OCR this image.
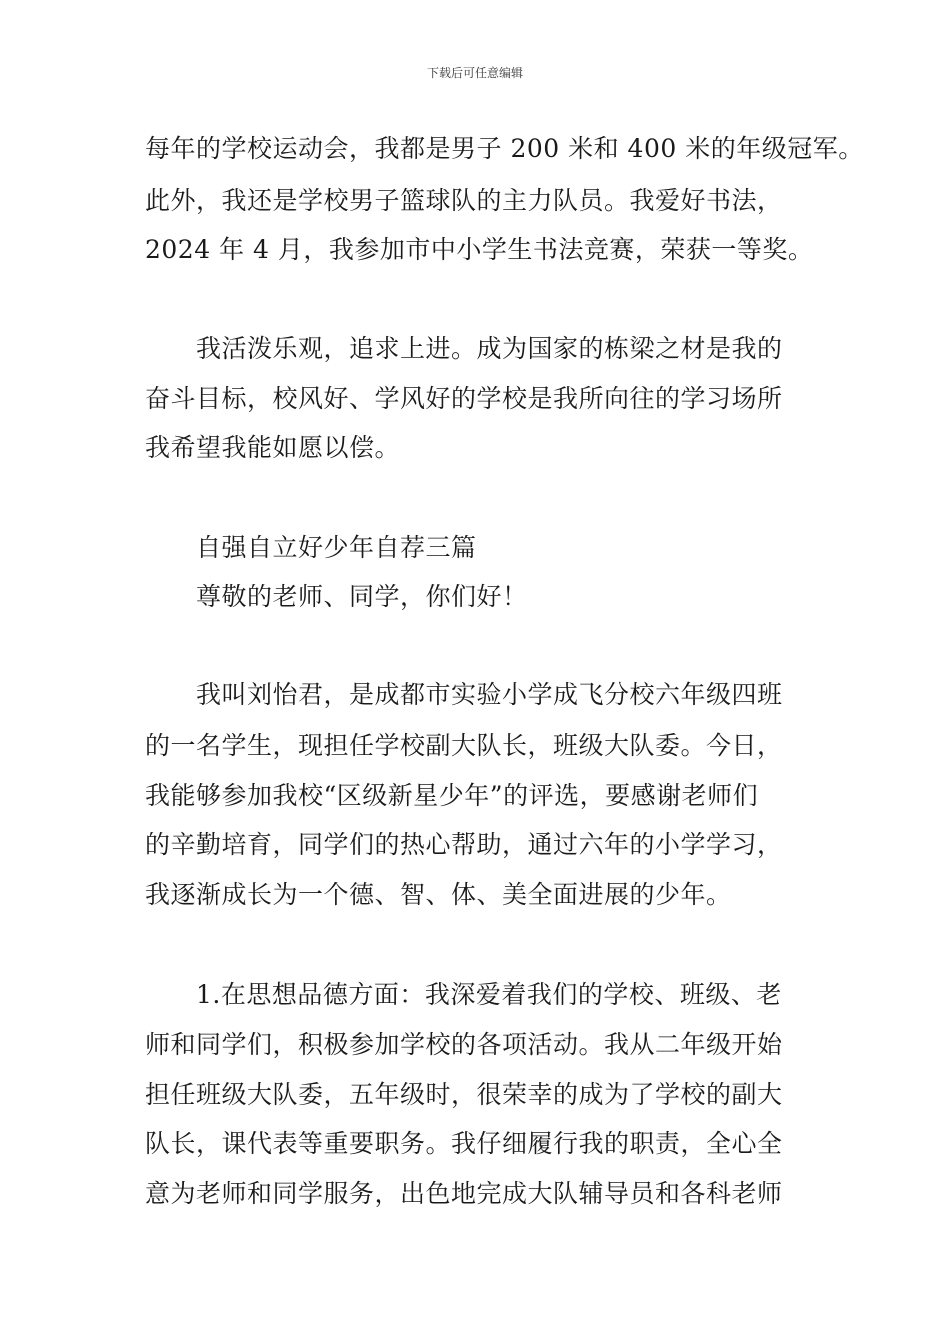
下载后可任意编辑
每年的学校运动会，我都是男子 200 米和 400 米的年级冠军。
此外，我还是学校男子篮球队的主力队员。我爱好书法，
2024 年 4 月，我参加市中小学生书法竞赛，荣获一等奖。
我活泼乐观，追求上进。成为国家的栋梁之材是我的
奋斗目标，校风好、学风好的学校是我所向往的学习场所
我希望我能如愿以偿。
自强自立好少年自荐三篇
尊敬的老师、同学，你们好！
我叫刘怡君，是成都市实验小学成飞分校六年级四班
的一名学生，现担任学校副大队长，班级大队委。今日，
我能够参加我校“区级新星少年”的评选，要感谢老师们
的辛勤培育，同学们的热心帮助，通过六年的小学学习，
我逐渐成长为一个德、智、体、美全面进展的少年。
1.在思想品德方面：我深爱着我们的学校、班级、老
师和同学们，积极参加学校的各项活动。我从二年级开始
担任班级大队委，五年级时，很荣幸的成为了学校的副大
队长，课代表等重要职务。我仔细履行我的职责，全心全
意为老师和同学服务，出色地完成大队辅导员和各科老师
